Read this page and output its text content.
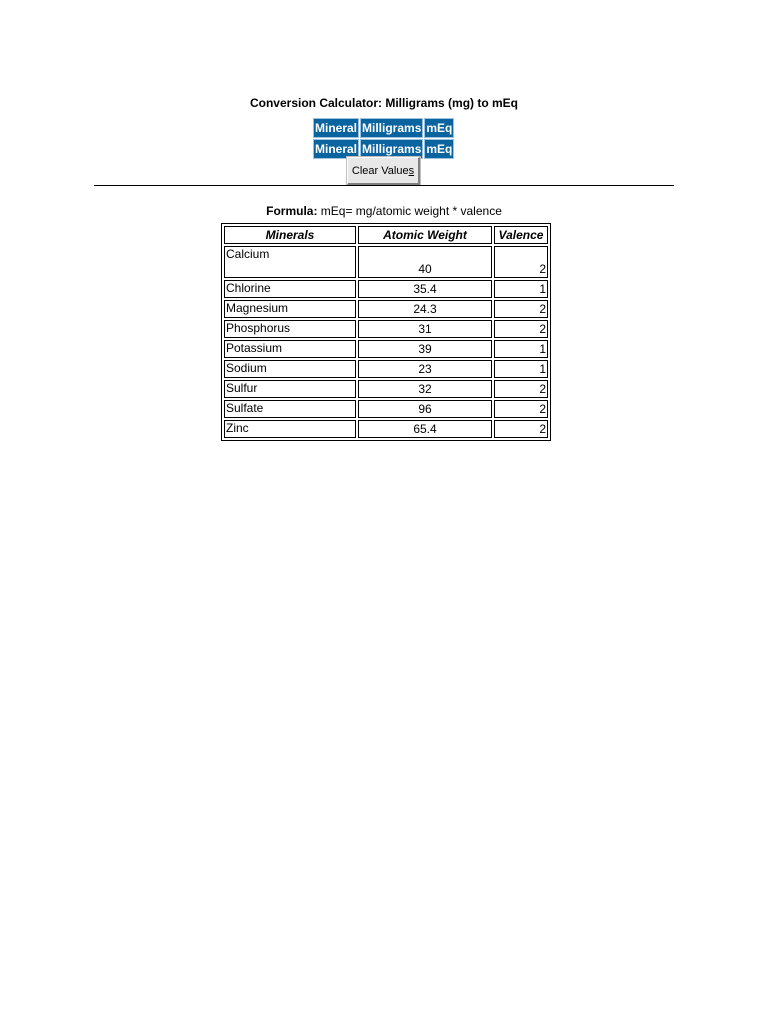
Conversion Calculator: Milligrams (mg) to mEq
Mineral	Milligrams	mEq
Mineral	Milligrams	mEq
Clear Values
Formula: mEq= mg/atomic weight * valence
Minerals	Atomic Weight	Valence
Calcium	40	2
Chlorine	35.4	1
Magnesium	24.3	2
Phosphorus	31	2
Potassium	39	1
Sodium	23	1
Sulfur	32	2
Sulfate	96	2
Zinc	65.4	2
